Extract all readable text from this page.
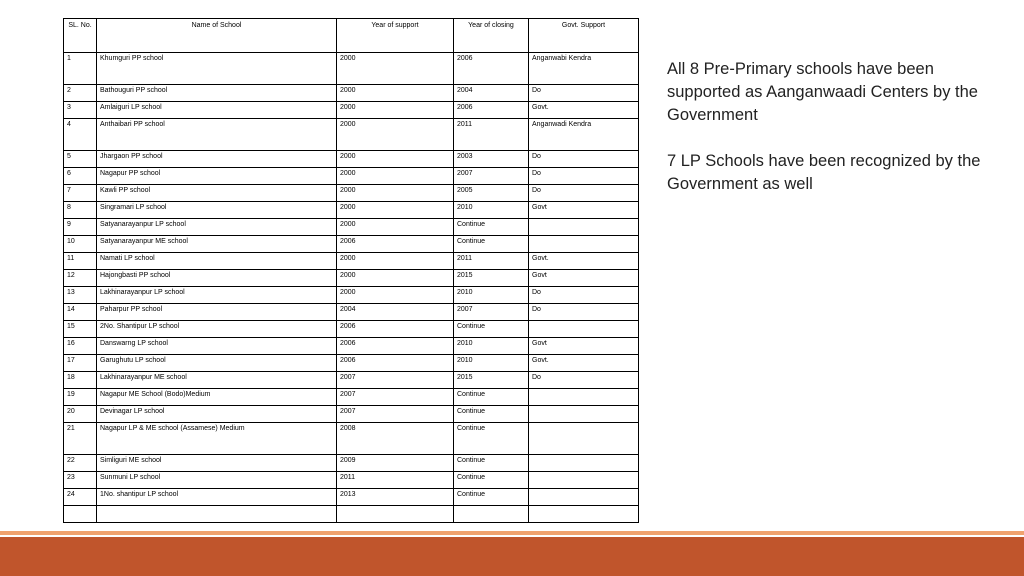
SL. No.	Name of School	Year of support	Year of closing	Govt. Support
1	Khumguri PP school	2000	2006	Anganwabi Kendra
2	Bathouguri PP school	2000	2004	Do
3	Amlaiguri LP school	2000	2006	Govt.
4	Anthaibari PP school	2000	2011	Anganwadi Kendra
5	Jhargaon PP school	2000	2003	Do
6	Nagapur PP school	2000	2007	Do
7	Kawli PP school	2000	2005	Do
8	Singramari LP school	2000	2010	Govt
9	Satyanarayanpur LP school	2000	Continue	
10	Satyanarayanpur ME school	2006	Continue	
11	Namati LP school	2000	2011	Govt.
12	Hajongbasti PP school	2000	2015	Govt
13	Lakhinarayanpur LP school	2000	2010	Do
14	Paharpur PP school	2004	2007	Do
15	2No. Shantipur LP school	2006	Continue	
16	Danswarng LP school	2006	2010	Govt
17	Garughutu LP school	2006	2010	Govt.
18	Lakhinarayanpur ME school	2007	2015	Do
19	Nagapur ME School (Bodo)Medium	2007	Continue	
20	Devinagar LP school	2007	Continue	
21	Nagapur LP & ME school (Assamese) Medium	2008	Continue	
22	Simliguri ME school	2009	Continue	
23	Sunmuni LP school	2011	Continue	
24	1No. shantipur LP school	2013	Continue	

All 8 Pre-Primary schools have been supported as Aanganwaadi Centers by the Government

7 LP Schools have been recognized by the Government as well
